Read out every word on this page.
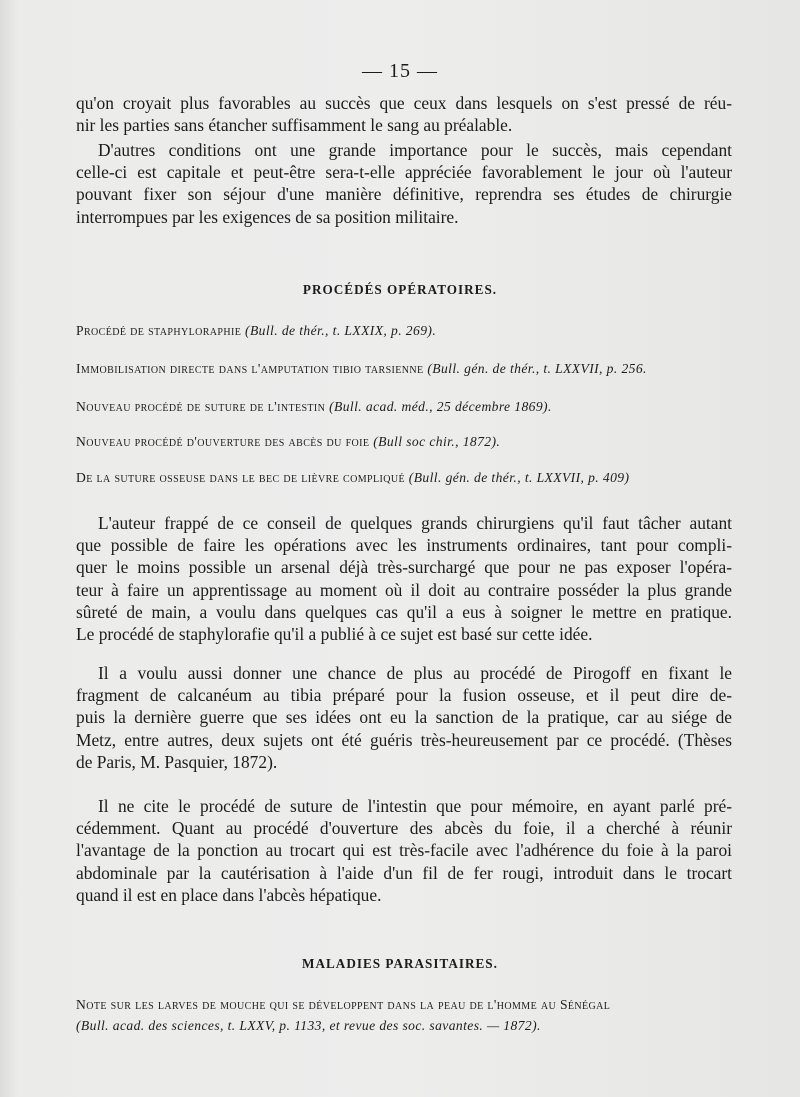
— 15 —
qu'on croyait plus favorables au succès que ceux dans lesquels on s'est pressé de réu-
nir les parties sans étancher suffisamment le sang au préalable.
D'autres conditions ont une grande importance pour le succès, mais cependant
celle-ci est capitale et peut-être sera-t-elle appréciée favorablement le jour où l'auteur
pouvant fixer son séjour d'une manière définitive, reprendra ses études de chirurgie
interrompues par les exigences de sa position militaire.
PROCÉDÉS OPÉRATOIRES.
Procédé de staphyloraphie (Bull. de thér., t. LXXIX, p. 269).
Immobilisation directe dans l'amputation tibio tarsienne (Bull. gén. de thér., t. LXXVII, p. 256.
Nouveau procédé de suture de l'intestin (Bull. acad. méd., 25 décembre 1869).
Nouveau procédé d'ouverture des abcès du foie (Bull soc chir., 1872).
De la suture osseuse dans le bec de lièvre compliqué (Bull. gén. de thér., t. LXXVII, p. 409)
L'auteur frappé de ce conseil de quelques grands chirurgiens qu'il faut tâcher autant
que possible de faire les opérations avec les instruments ordinaires, tant pour compli-
quer le moins possible un arsenal déjà très-surchargé que pour ne pas exposer l'opéra-
teur à faire un apprentissage au moment où il doit au contraire posséder la plus grande
sûreté de main, a voulu dans quelques cas qu'il a eus à soigner le mettre en pratique.
Le procédé de staphylorafie qu'il a publié à ce sujet est basé sur cette idée.
Il a voulu aussi donner une chance de plus au procédé de Pirogoff en fixant le
fragment de calcanéum au tibia préparé pour la fusion osseuse, et il peut dire de-
puis la dernière guerre que ses idées ont eu la sanction de la pratique, car au siége de
Metz, entre autres, deux sujets ont été guéris très-heureusement par ce procédé. (Thèses
de Paris, M. Pasquier, 1872).
Il ne cite le procédé de suture de l'intestin que pour mémoire, en ayant parlé pré-
cédemment. Quant au procédé d'ouverture des abcès du foie, il a cherché à réunir
l'avantage de la ponction au trocart qui est très-facile avec l'adhérence du foie à la paroi
abdominale par la cautérisation à l'aide d'un fil de fer rougi, introduit dans le trocart
quand il est en place dans l'abcès hépatique.
MALADIES PARASITAIRES.
Note sur les larves de mouche qui se développent dans la peau de l'homme au Sénégal
(Bull. acad. des sciences, t. LXXV, p. 1133, et revue des soc. savantes. — 1872).
